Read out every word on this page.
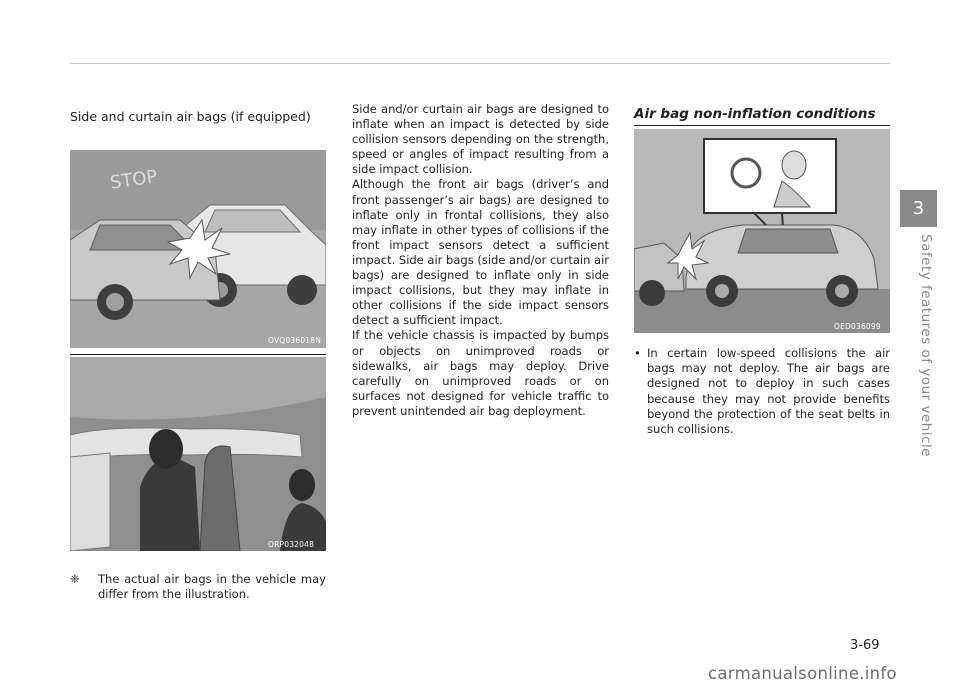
Side and curtain air bags (if equipped)
STOP
OVQ036018N
ORP032048
❈ The actual air bags in the vehicle may differ from the illustration.

Side and/or curtain air bags are designed to inflate when an impact is detected by side collision sensors depending on the strength, speed or angles of impact resulting from a side impact collision.

Although the front air bags (driver’s and front passenger’s air bags) are designed to inflate only in frontal collisions, they also may inflate in other types of collisions if the front impact sensors detect a sufficient impact. Side air bags (side and/or curtain air bags) are designed to inflate only in side impact collisions, but they may inflate in other collisions if the side impact sensors detect a sufficient impact.

If the vehicle chassis is impacted by bumps or objects on unimproved roads or sidewalks, air bags may deploy. Drive carefully on unimproved roads or on surfaces not designed for vehicle traffic to prevent unintended air bag deployment.

Air bag non-inflation conditions
OED036099
• In certain low-speed collisions the air bags may not deploy. The air bags are designed not to deploy in such cases because they may not provide benefits beyond the protection of the seat belts in such collisions.
3
Safety features of your vehicle
3-69
carmanualsonline.info
